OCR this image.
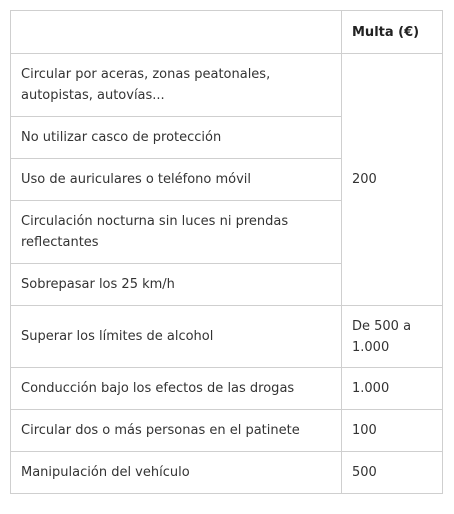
	Multa (€)
Circular por aceras, zonas peatonales, autopistas, autovías...	200
No utilizar casco de protección	
Uso de auriculares o teléfono móvil	
Circulación nocturna sin luces ni prendas reflectantes	
Sobrepasar los 25 km/h	
Superar los límites de alcohol	De 500 a 1.000
Conducción bajo los efectos de las drogas	1.000
Circular dos o más personas en el patinete	100
Manipulación del vehículo	500
